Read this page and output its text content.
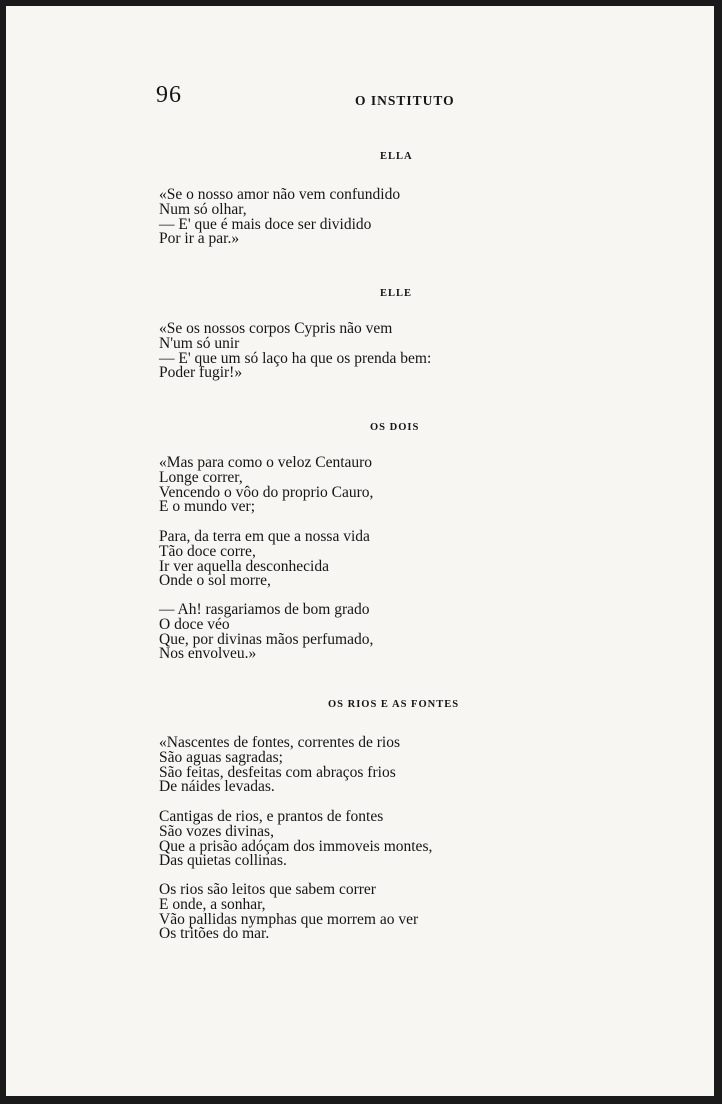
96	O INSTITUTO
ELLA
«Se o nosso amor não vem confundido
Num só olhar,
— E' que é mais doce ser dividido
Por ir a par.»
ELLE
«Se os nossos corpos Cypris não vem
N'um só unir
— E' que um só laço ha que os prenda bem:
Poder fugir!»
OS DOIS
«Mas para como o veloz Centauro
Longe correr,
Vencendo o vôo do proprio Cauro,
E o mundo ver;
Para, da terra em que a nossa vida
Tão doce corre,
Ir ver aquella desconhecida
Onde o sol morre,
— Ah! rasgariamos de bom grado
O doce véo
Que, por divinas mãos perfumado,
Nos envolveu.»
OS RIOS E AS FONTES
«Nascentes de fontes, correntes de rios
São aguas sagradas;
São feitas, desfeitas com abraços frios
De náides levadas.
Cantigas de rios, e prantos de fontes
São vozes divinas,
Que a prisão adóçam dos immoveis montes,
Das quietas collinas.
Os rios são leitos que sabem correr
E onde, a sonhar,
Vão pallidas nymphas que morrem ao ver
Os tritões do mar.
